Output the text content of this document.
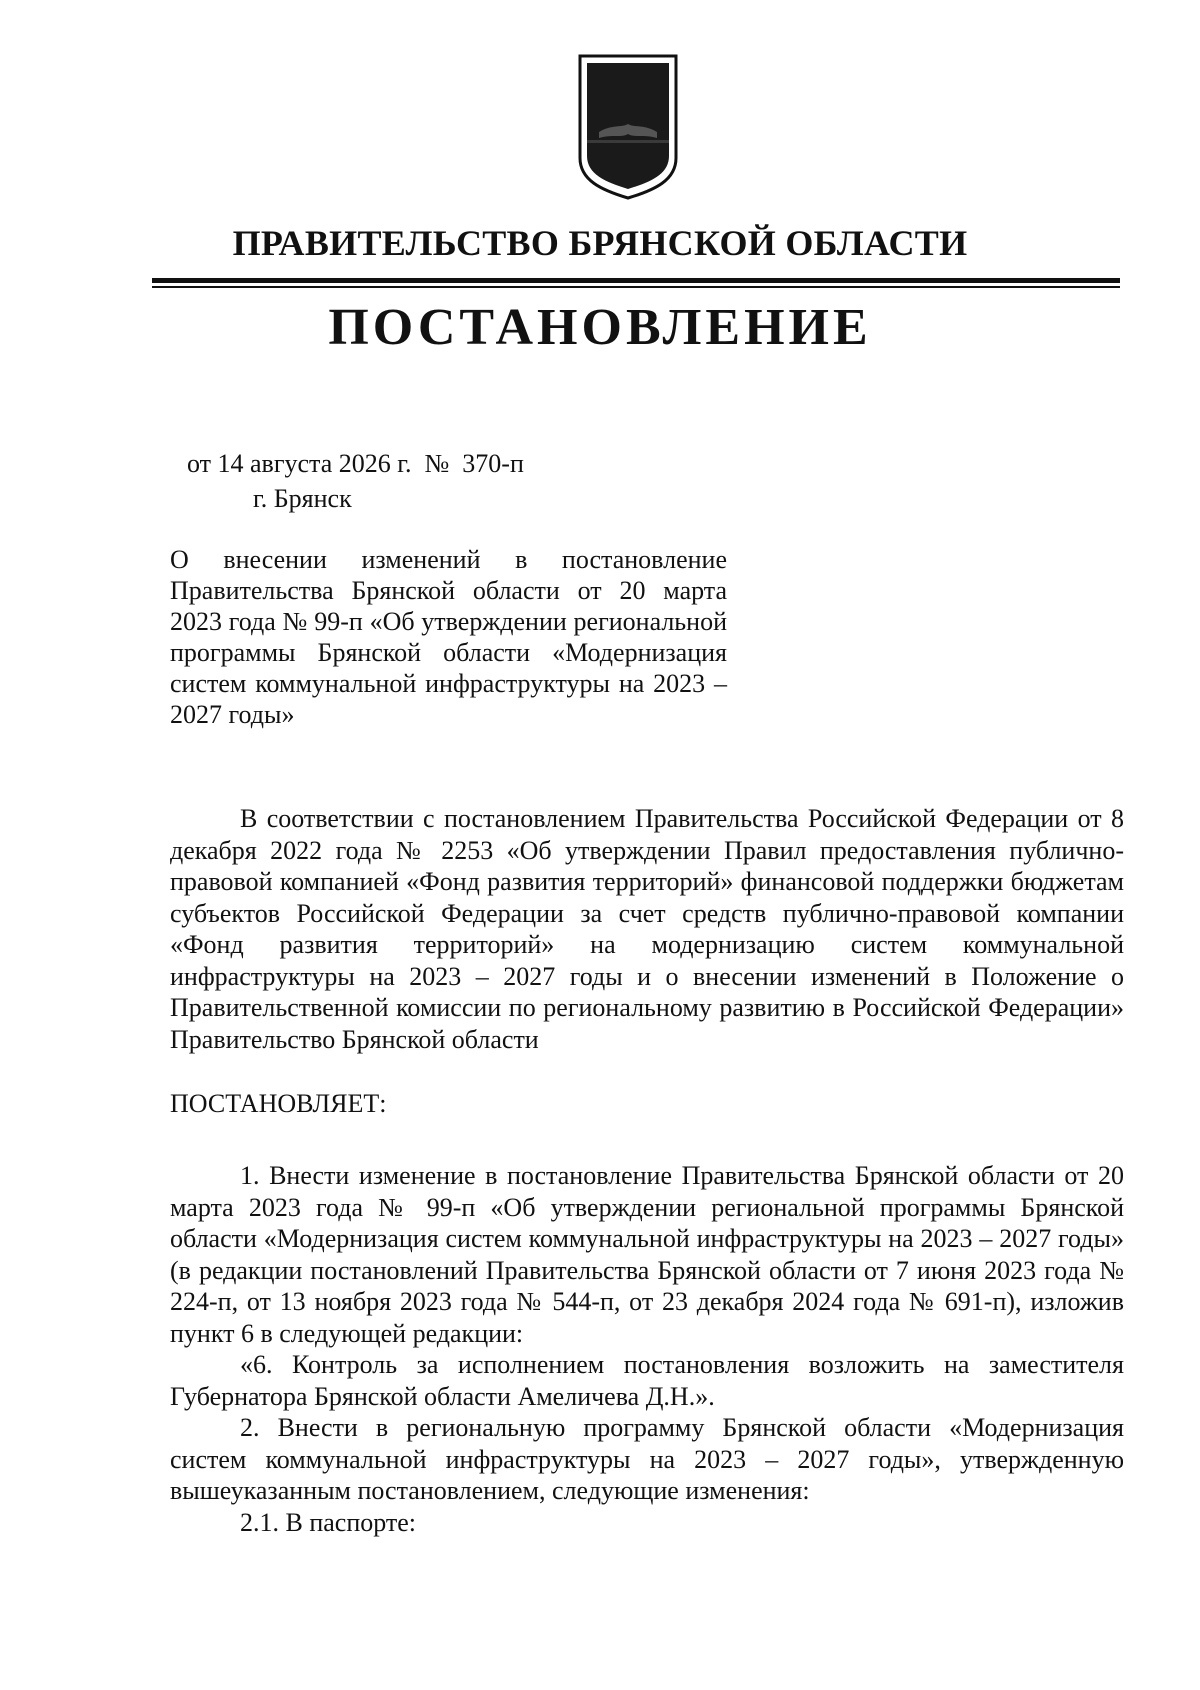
ПРАВИТЕЛЬСТВО БРЯНСКОЙ ОБЛАСТИ
ПОСТАНОВЛЕНИЕ
от 14 августа 2026 г.  №  370-п
г. Брянск

О внесении изменений в постановление Правительства Брянской области от 20 марта 2023 года № 99-п «Об утверждении региональной программы Брянской области «Модернизация систем коммунальной инфраструктуры на 2023 – 2027 годы»

В соответствии с постановлением Правительства Российской Федерации от 8 декабря 2022 года № 2253 «Об утверждении Правил предоставления публично-правовой компанией «Фонд развития территорий» финансовой поддержки бюджетам субъектов Российской Федерации за счет средств публично-правовой компании «Фонд развития территорий» на модернизацию систем коммунальной инфраструктуры на 2023 – 2027 годы и о внесении изменений в Положение о Правительственной комиссии по региональному развитию в Российской Федерации» Правительство Брянской области

ПОСТАНОВЛЯЕТ:

1. Внести изменение в постановление Правительства Брянской области от 20 марта 2023 года № 99-п «Об утверждении региональной программы Брянской области «Модернизация систем коммунальной инфраструктуры на 2023 – 2027 годы» (в редакции постановлений Правительства Брянской области от 7 июня 2023 года № 224-п, от 13 ноября 2023 года № 544-п, от 23 декабря 2024 года № 691-п), изложив пункт 6 в следующей редакции:

«6. Контроль за исполнением постановления возложить на заместителя Губернатора Брянской области Амеличева Д.Н.».

2. Внести в региональную программу Брянской области «Модернизация систем коммунальной инфраструктуры на 2023 – 2027 годы», утвержденную вышеуказанным постановлением, следующие изменения:

2.1. В паспорте:
